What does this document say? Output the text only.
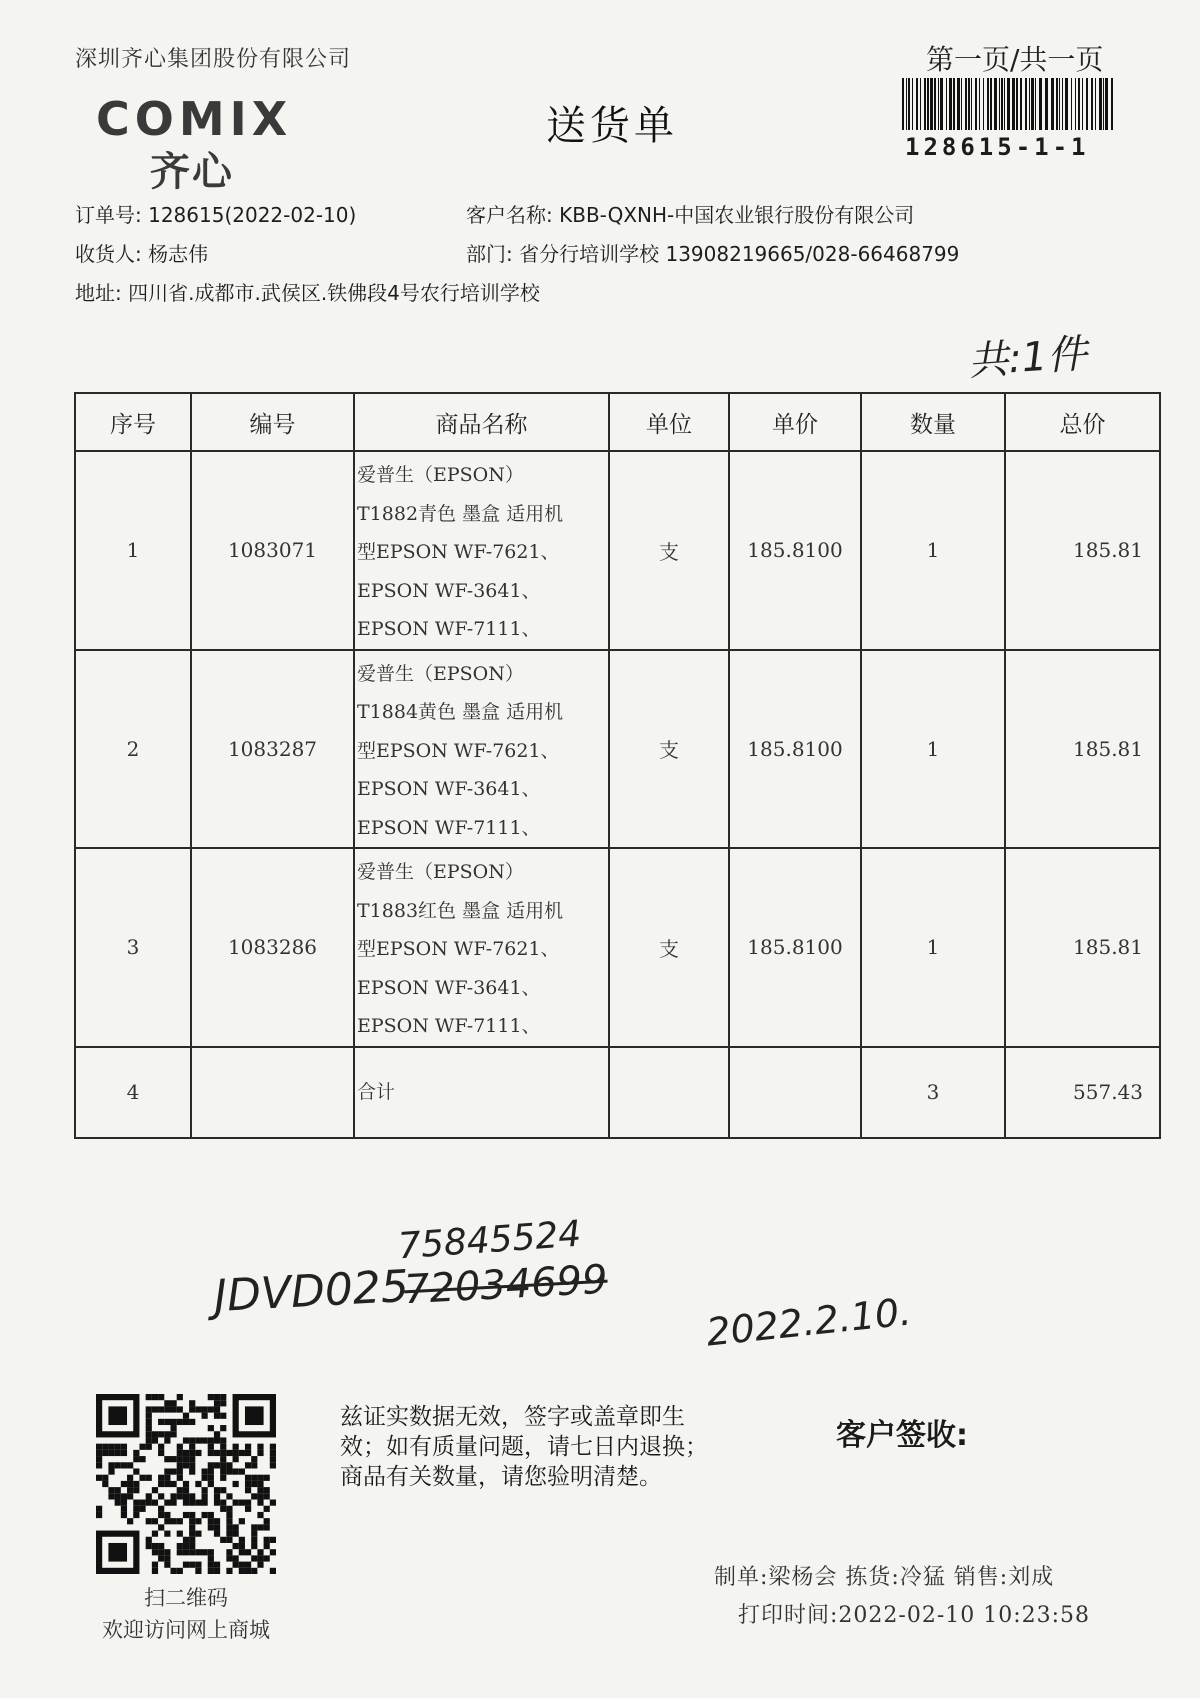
深圳齐心集团股份有限公司	第一页/共一页
COMIX
齐心
送货单	128615-1-1
订单号: 128615(2022-02-10)	客户名称: KBB-QXNH-中国农业银行股份有限公司
收货人: 杨志伟	部门: 省分行培训学校 13908219665/028-66468799
地址: 四川省.成都市.武侯区.铁佛段4号农行培训学校
共:1件
序号	编号	商品名称	单位	单价	数量	总价
1	1083071	爱普生（EPSON）
T1882青色 墨盒 适用机
型EPSON WF-7621、
EPSON WF-3641、
EPSON WF-7111、	支	185.8100	1	185.81
2	1083287	爱普生（EPSON）
T1884黄色 墨盒 适用机
型EPSON WF-7621、
EPSON WF-3641、
EPSON WF-7111、	支	185.8100	1	185.81
3	1083286	爱普生（EPSON）
T1883红色 墨盒 适用机
型EPSON WF-7621、
EPSON WF-3641、
EPSON WF-7111、	支	185.8100	1	185.81
4		合计			3	557.43
75845524
JDVD025
72034699
2022.2.10.
扫二维码
欢迎访问网上商城
兹证实数据无效，签字或盖章即生
效；如有质量问题，请七日内退换；
商品有关数量，请您验明清楚。
客户签收:
制单:梁杨会 拣货:冷猛 销售:刘成
打印时间:2022-02-10 10:23:58
